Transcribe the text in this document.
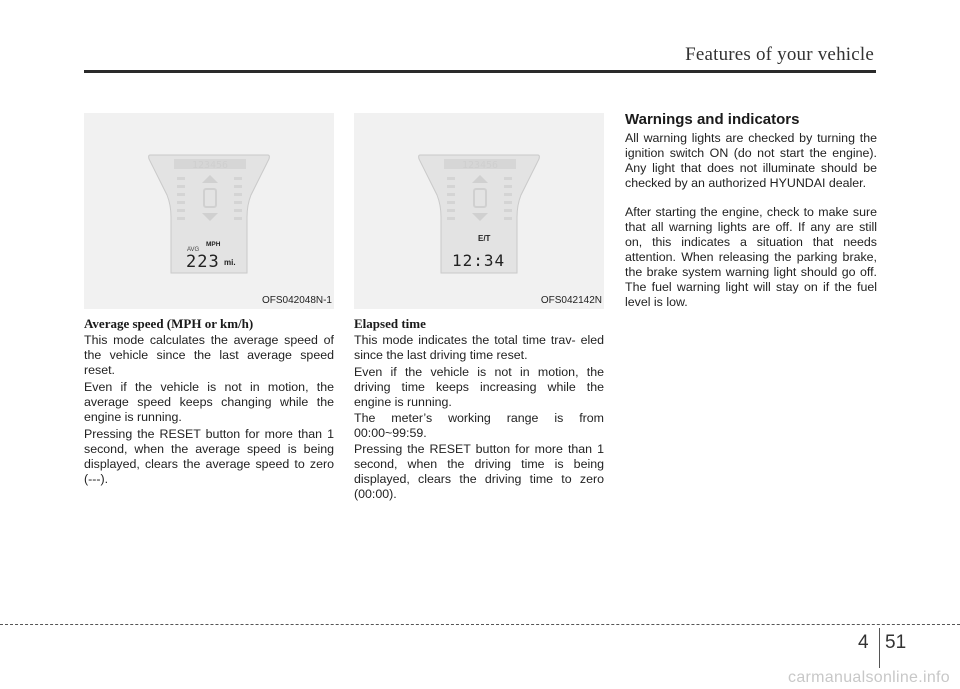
Features of your vehicle
123456
MPH
AVG
223 mi.
OFS042048N-1
Average speed (MPH or km/h)

This mode calculates the average speed of the vehicle since the last average speed reset.

Even if the vehicle is not in motion, the average speed keeps changing while the engine is running.

Pressing the RESET button for more than 1 second, when the average speed is being displayed, clears the average speed to zero (---).

123456
E/T
12:34
OFS042142N
Elapsed time

This mode indicates the total time trav- eled since the last driving time reset.

Even if the vehicle is not in motion, the driving time keeps increasing while the engine is running.

The meter’s working range is from 00:00~99:59.

Pressing the RESET button for more than 1 second, when the driving time is being displayed, clears the driving time to zero (00:00).

Warnings and indicators

All warning lights are checked by turning the ignition switch ON (do not start the engine). Any light that does not illuminate should be checked by an authorized HYUNDAI dealer.

After starting the engine, check to make sure that all warning lights are off. If any are still on, this indicates a situation that needs attention. When releasing the parking brake, the brake system warning light should go off. The fuel warning light will stay on if the fuel level is low.

4 51
carmanualsonline.info
